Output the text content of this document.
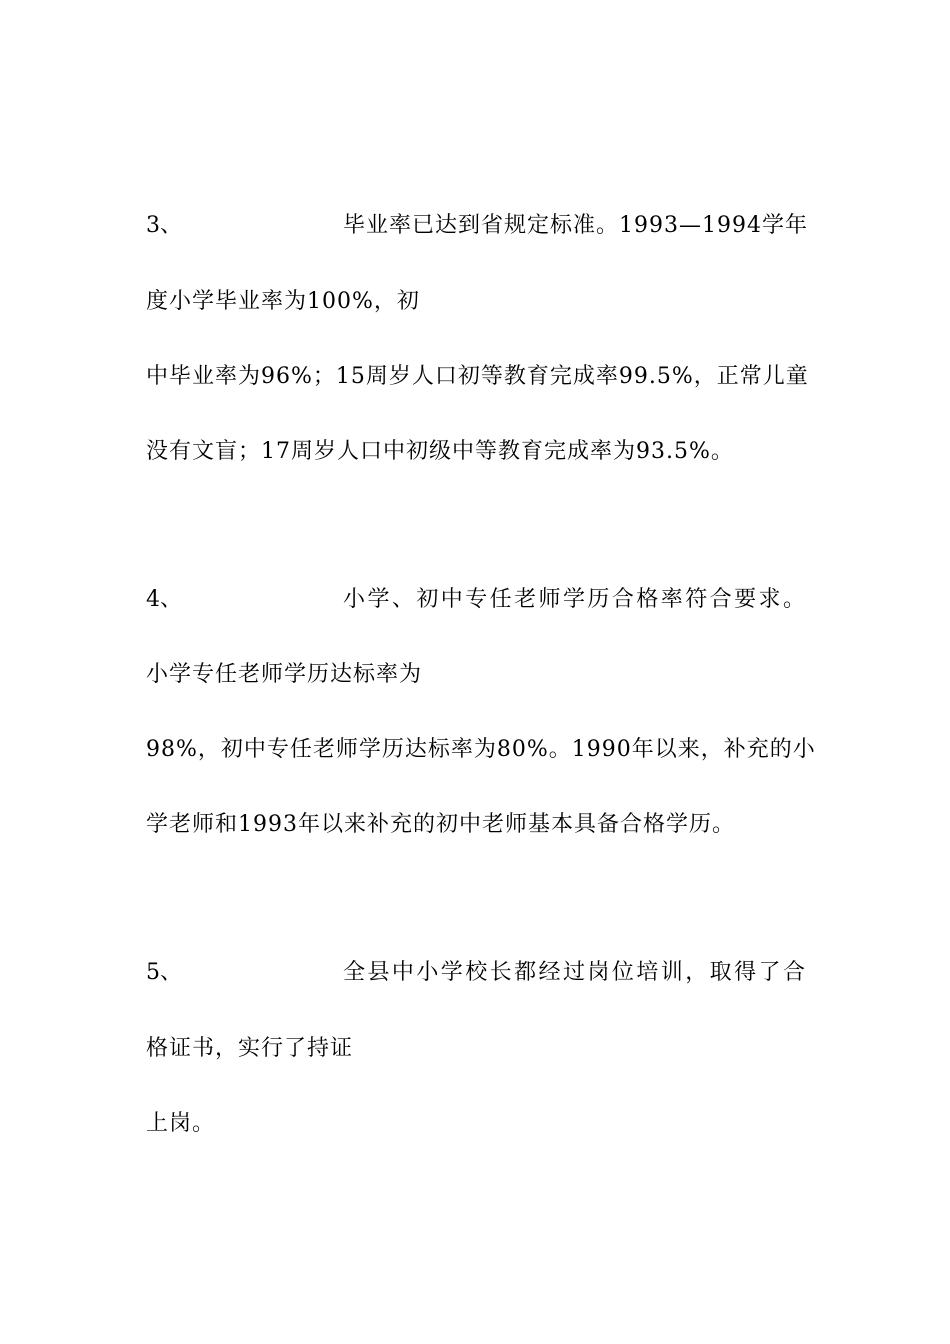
3、	毕业率已达到省规定标准。1993—1994学年
度小学毕业率为100%，初
中毕业率为96%；15周岁人口初等教育完成率99.5%，正常儿童
没有文盲；17周岁人口中初级中等教育完成率为93.5%。
4、	小学、初中专任老师学历合格率符合要求。
小学专任老师学历达标率为
98%，初中专任老师学历达标率为80%。1990年以来，补充的小
学老师和1993年以来补充的初中老师基本具备合格学历。
5、	全县中小学校长都经过岗位培训，取得了合
格证书，实行了持证
上岗。
